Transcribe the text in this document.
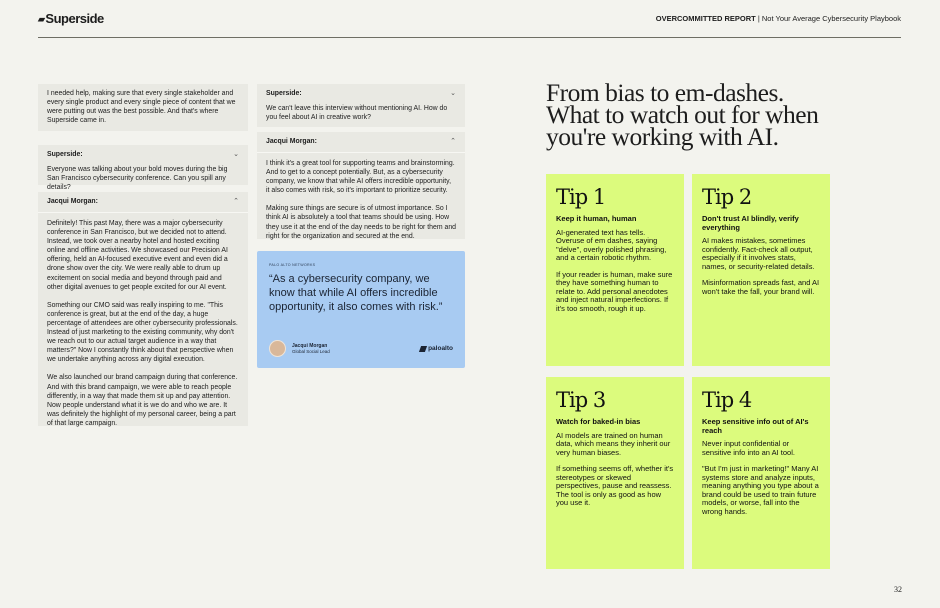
▰Superside	OVERCOMMITTED REPORT | Not Your Average Cybersecurity Playbook

I needed help, making sure that every single stakeholder and every single product and every single piece of content that we were putting out was the best possible. And that's where Superside came in.

Superside:	⌄

Everyone was talking about your bold moves during the big San Francisco cybersecurity conference. Can you spill any details?

Jacqui Morgan:	⌃

Definitely! This past May, there was a major cybersecurity conference in San Francisco, but we decided not to attend. Instead, we took over a nearby hotel and hosted exciting online and offline activities. We showcased our Precision AI offering, held an AI-focused executive event and even did a drone show over the city. We were really able to drum up excitement on social media and beyond through paid and other digital avenues to get people excited for our AI event.

Something our CMO said was really inspiring to me. "This conference is great, but at the end of the day, a huge percentage of attendees are other cybersecurity professionals. Instead of just marketing to the existing community, why don't we reach out to our actual target audience in a way that matters?" Now I constantly think about that perspective when we undertake anything across any digital execution.

We also launched our brand campaign during that conference. And with this brand campaign, we were able to reach people differently, in a way that made them sit up and pay attention. Now people understand what it is we do and who we are. It was definitely the highlight of my personal career, being a part of that large campaign.

Superside:	⌄

We can't leave this interview without mentioning AI. How do you feel about AI in creative work?

Jacqui Morgan:	⌃

I think it's a great tool for supporting teams and brainstorming. And to get to a concept potentially. But, as a cybersecurity company, we know that while AI offers incredible opportunity, it also comes with risk, so it's important to prioritize security.

Making sure things are secure is of utmost importance. So I think AI is absolutely a tool that teams should be using. How they use it at the end of the day needs to be right for them and right for the organization and secured at the end.

PALO ALTO NETWORKS
“As a cybersecurity company, we know that while AI offers incredible opportunity, it also comes with risk.”
Jacqui Morgan
Global Social Lead	paloalto
From bias to em-dashes. What to watch out for when you're working with AI.
Tip 1
Keep it human, human

AI-generated text has tells. Overuse of em dashes, saying "delve", overly polished phrasing, and a certain robotic rhythm.

If your reader is human, make sure they have something human to relate to. Add personal anecdotes and inject natural imperfections. If it's too smooth, rough it up.

Tip 2
Don't trust AI blindly, verify everything

AI makes mistakes, sometimes confidently. Fact-check all output, especially if it involves stats, names, or security-related details.

Misinformation spreads fast, and AI won't take the fall, your brand will.

Tip 3
Watch for baked-in bias

AI models are trained on human data, which means they inherit our very human biases.

If something seems off, whether it's stereotypes or skewed perspectives, pause and reassess. The tool is only as good as how you use it.

Tip 4
Keep sensitive info out of AI's reach

Never input confidential or sensitive info into an AI tool.

"But I'm just in marketing!" Many AI systems store and analyze inputs, meaning anything you type about a brand could be used to train future models, or worse, fall into the wrong hands.

32
